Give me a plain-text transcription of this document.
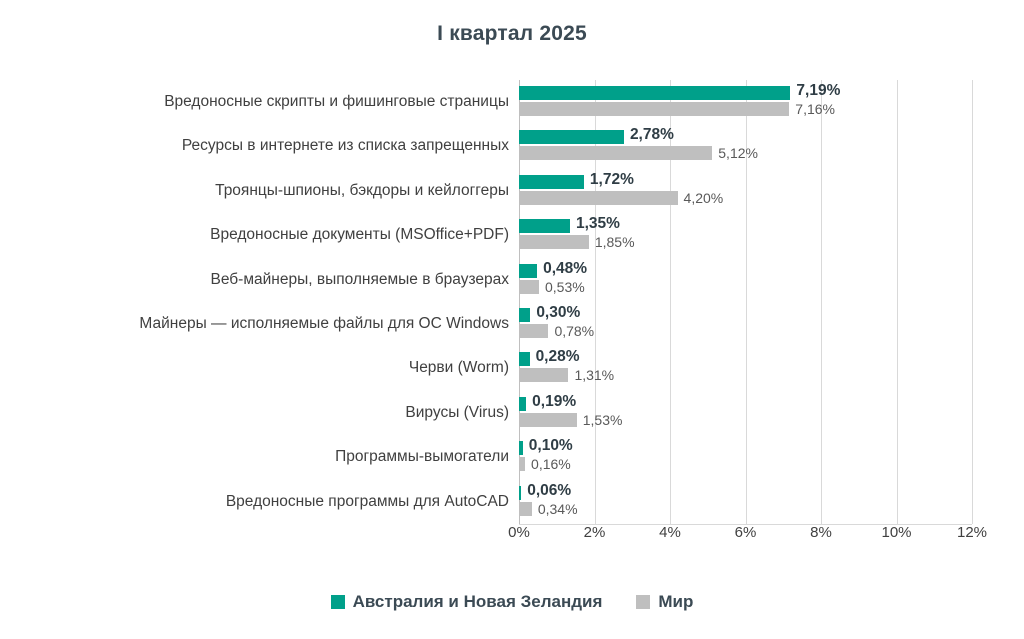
I квартал 2025
Вредоносные скрипты и фишинговые страницы
7,19%
7,16%
Ресурсы в интернете из списка запрещенных
2,78%
5,12%
Троянцы-шпионы, бэкдоры и кейлоггеры
1,72%
4,20%
Вредоносные документы (MSOffice+PDF)
1,35%
1,85%
Веб-майнеры, выполняемые в браузерах
0,48%
0,53%
Майнеры — исполняемые файлы для ОС Windows
0,30%
0,78%
Черви (Worm)
0,28%
1,31%
Вирусы (Virus)
0,19%
1,53%
Программы-вымогатели
0,10%
0,16%
Вредоносные программы для AutoCAD
0,06%
0,34%
0%	2%	4%	6%	8%	10%	12%
Австралия и Новая Зеландия	Мир
